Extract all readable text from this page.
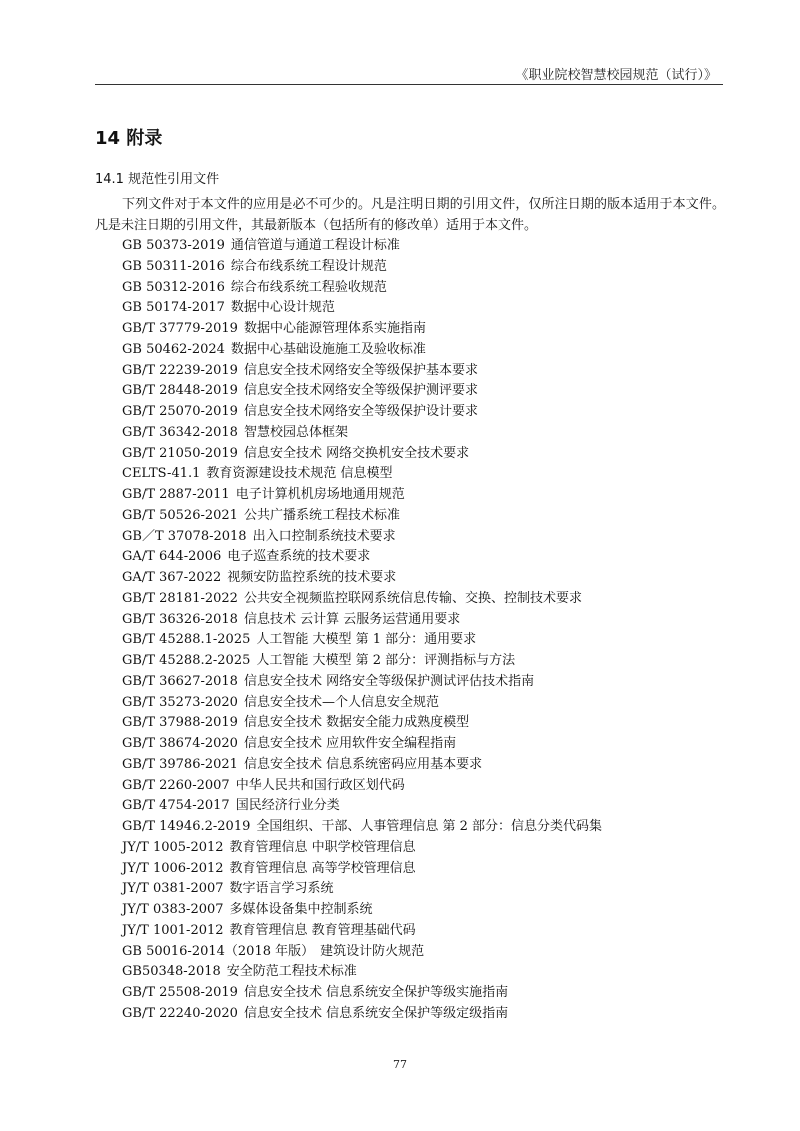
《职业院校智慧校园规范（试行）》
14 附录
14.1 规范性引用文件

下列文件对于本文件的应用是必不可少的。凡是注明日期的引用文件，仅所注日期的版本适用于本文件。凡是未注日期的引用文件，其最新版本（包括所有的修改单）适用于本文件。

GB 50373-2019 通信管道与通道工程设计标准
GB 50311-2016 综合布线系统工程设计规范
GB 50312-2016 综合布线系统工程验收规范
GB 50174-2017 数据中心设计规范
GB/T 37779-2019 数据中心能源管理体系实施指南
GB 50462-2024 数据中心基础设施施工及验收标准
GB/T 22239-2019 信息安全技术网络安全等级保护基本要求
GB/T 28448-2019 信息安全技术网络安全等级保护测评要求
GB/T 25070-2019 信息安全技术网络安全等级保护设计要求
GB/T 36342-2018 智慧校园总体框架
GB/T 21050-2019 信息安全技术 网络交换机安全技术要求
CELTS-41.1 教育资源建设技术规范 信息模型
GB/T 2887-2011 电子计算机机房场地通用规范
GB/T 50526-2021 公共广播系统工程技术标准
GB／T 37078-2018 出入口控制系统技术要求
GA/T 644-2006 电子巡查系统的技术要求
GA/T 367-2022 视频安防监控系统的技术要求
GB/T 28181-2022 公共安全视频监控联网系统信息传输、交换、控制技术要求
GB/T 36326-2018 信息技术 云计算 云服务运营通用要求
GB/T 45288.1-2025 人工智能 大模型 第 1 部分：通用要求
GB/T 45288.2-2025 人工智能 大模型 第 2 部分：评测指标与方法
GB/T 36627-2018 信息安全技术 网络安全等级保护测试评估技术指南
GB/T 35273-2020 信息安全技术—个人信息安全规范
GB/T 37988-2019 信息安全技术 数据安全能力成熟度模型
GB/T 38674-2020 信息安全技术 应用软件安全编程指南
GB/T 39786-2021 信息安全技术 信息系统密码应用基本要求
GB/T 2260-2007 中华人民共和国行政区划代码
GB/T 4754-2017 国民经济行业分类
GB/T 14946.2-2019 全国组织、干部、人事管理信息 第 2 部分：信息分类代码集
JY/T 1005-2012 教育管理信息 中职学校管理信息
JY/T 1006-2012 教育管理信息 高等学校管理信息
JY/T 0381-2007 数字语言学习系统
JY/T 0383-2007 多媒体设备集中控制系统
JY/T 1001-2012 教育管理信息 教育管理基础代码
GB 50016-2014（2018 年版） 建筑设计防火规范
GB50348-2018 安全防范工程技术标准
GB/T 25508-2019 信息安全技术 信息系统安全保护等级实施指南
GB/T 22240-2020 信息安全技术 信息系统安全保护等级定级指南
77
